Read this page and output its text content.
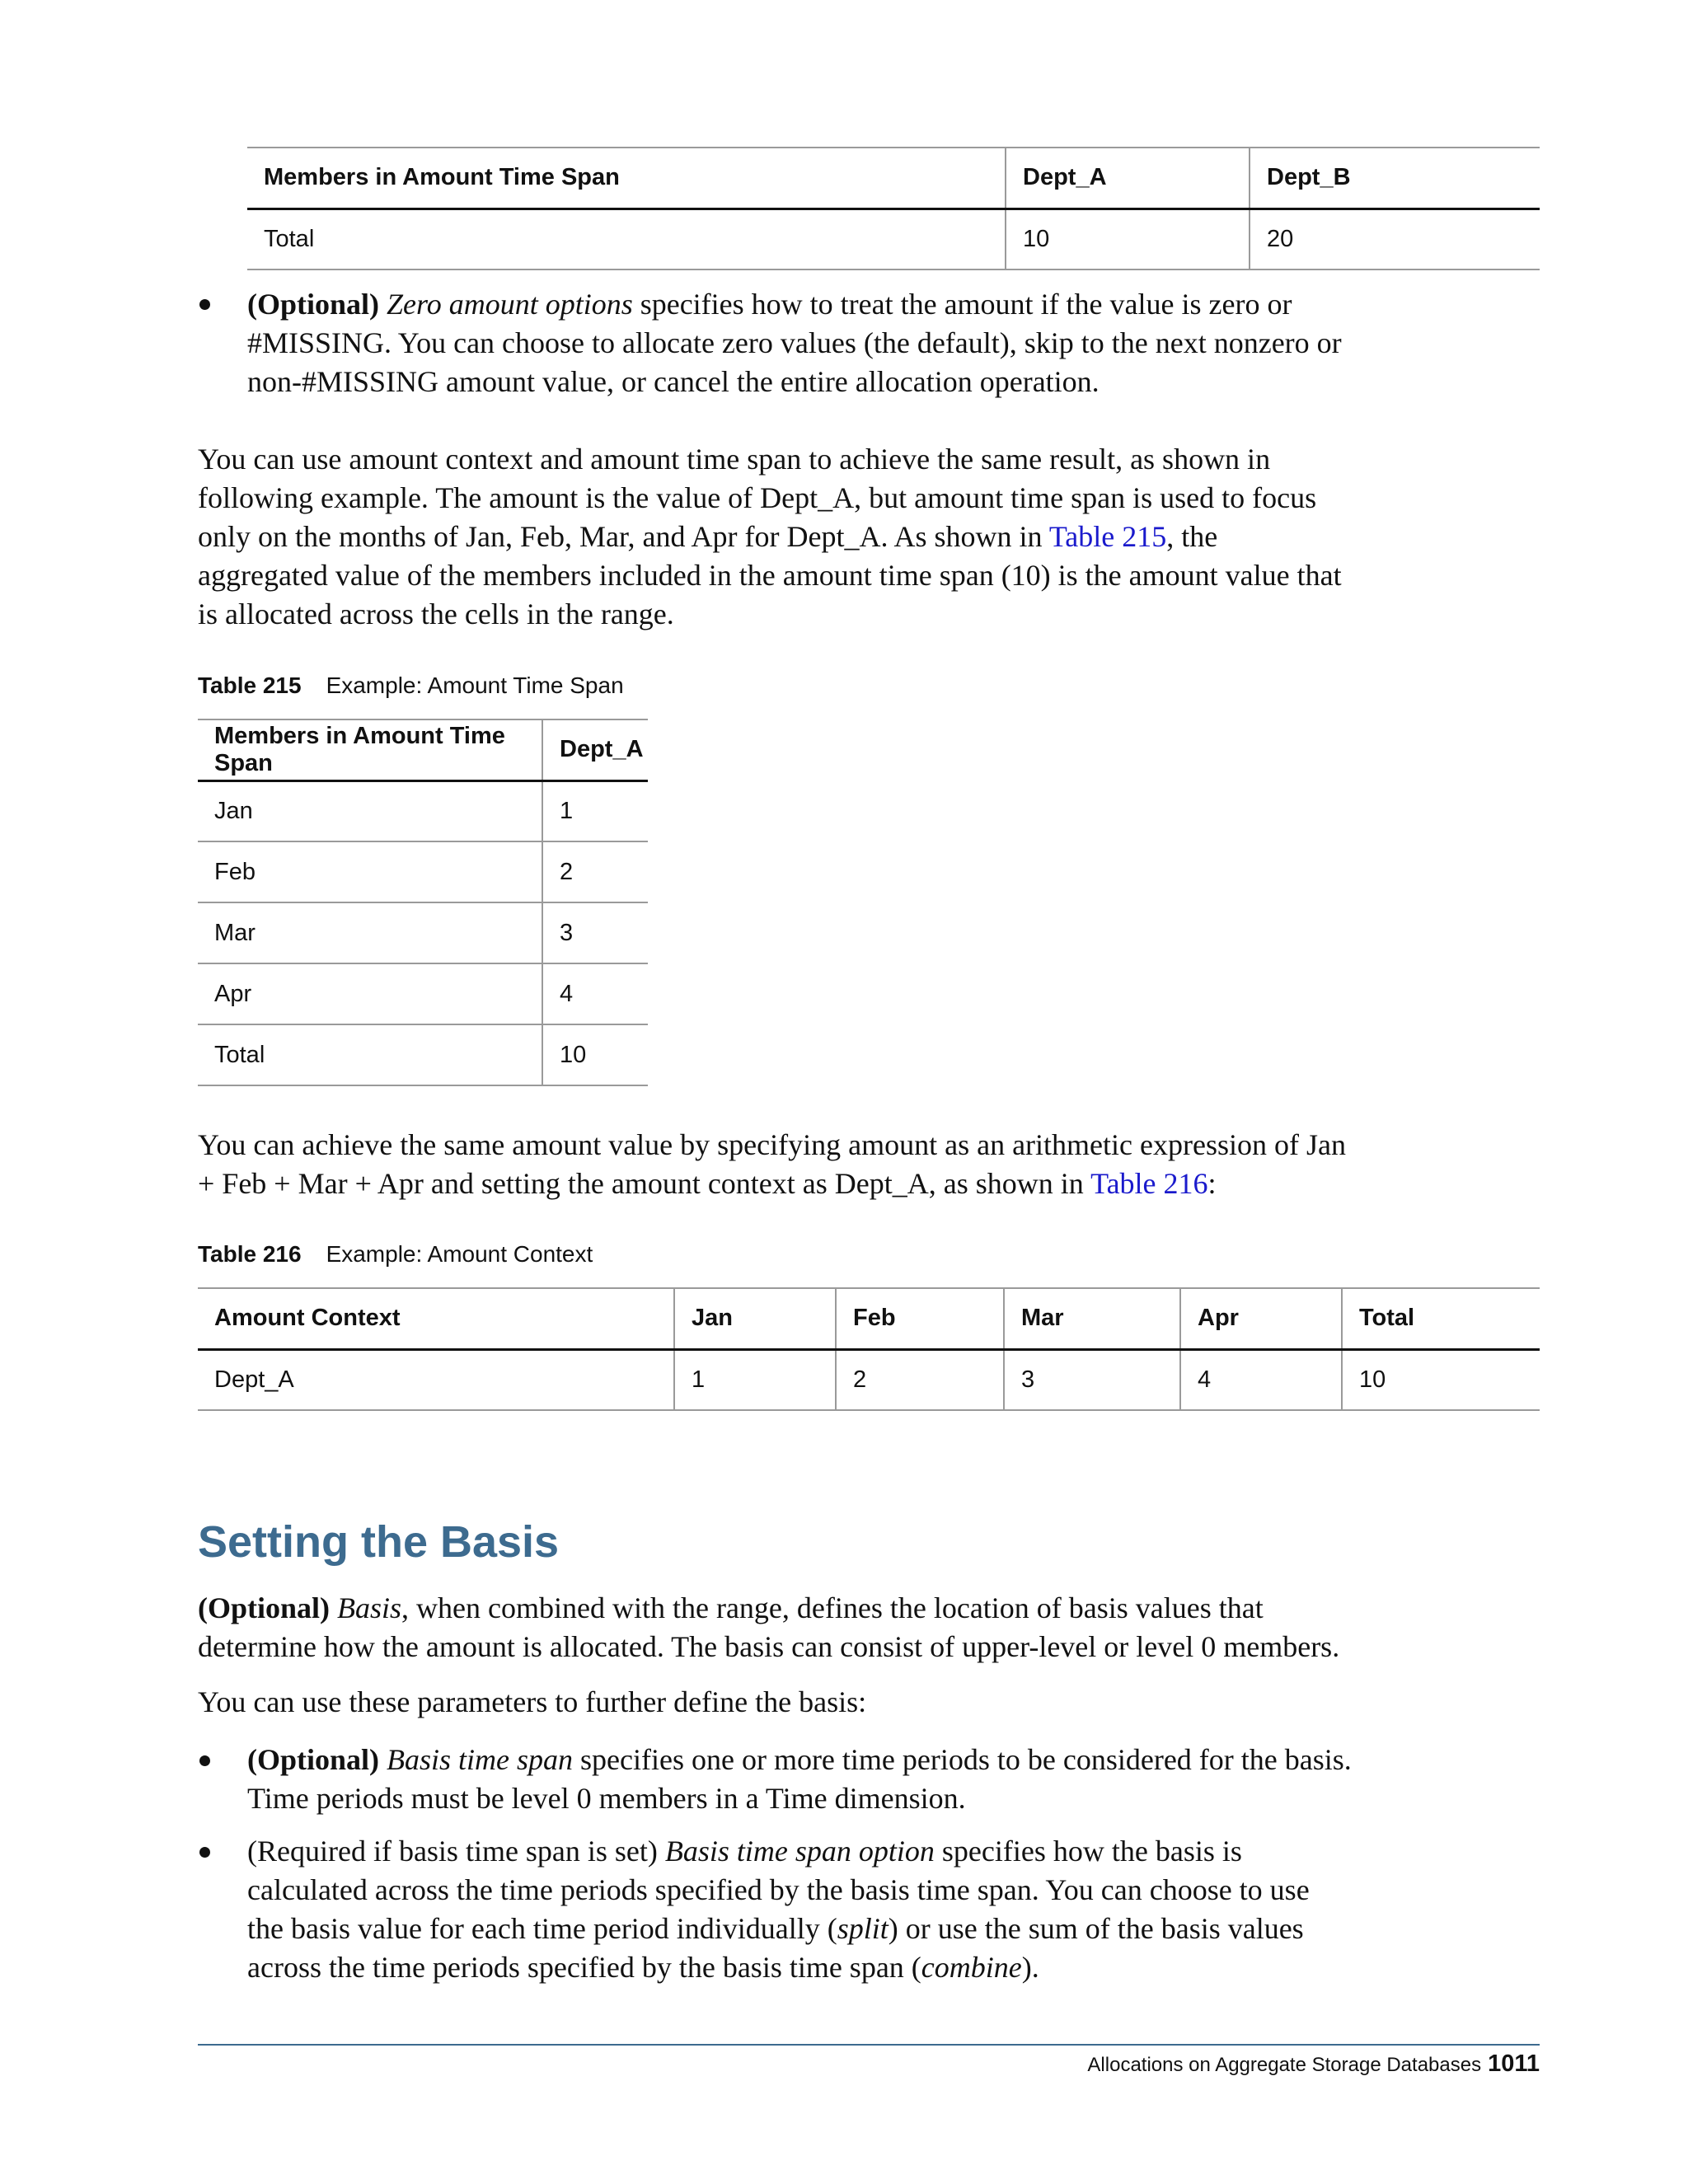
Members in Amount Time Span	Dept_A	Dept_B
Total	10	20

(Optional) Zero amount options specifies how to treat the amount if the value is zero or #MISSING. You can choose to allocate zero values (the default), skip to the next nonzero or non-#MISSING amount value, or cancel the entire allocation operation.

You can use amount context and amount time span to achieve the same result, as shown in following example. The amount is the value of Dept_A, but amount time span is used to focus only on the months of Jan, Feb, Mar, and Apr for Dept_A. As shown in Table 215, the aggregated value of the members included in the amount time span (10) is the amount value that is allocated across the cells in the range.

Table 215 Example: Amount Time Span
Members in Amount Time Span	Dept_A
Jan	1
Feb	2
Mar	3
Apr	4
Total	10

You can achieve the same amount value by specifying amount as an arithmetic expression of Jan + Feb + Mar + Apr and setting the amount context as Dept_A, as shown in Table 216:

Table 216 Example: Amount Context
Amount Context	Jan	Feb	Mar	Apr	Total
Dept_A	1	2	3	4	10
Setting the Basis

(Optional) Basis, when combined with the range, defines the location of basis values that determine how the amount is allocated. The basis can consist of upper-level or level 0 members.

You can use these parameters to further define the basis:

(Optional) Basis time span specifies one or more time periods to be considered for the basis. Time periods must be level 0 members in a Time dimension.

(Required if basis time span is set) Basis time span option specifies how the basis is calculated across the time periods specified by the basis time span. You can choose to use the basis value for each time period individually (split) or use the sum of the basis values across the time periods specified by the basis time span (combine).

Allocations on Aggregate Storage Databases 1011
